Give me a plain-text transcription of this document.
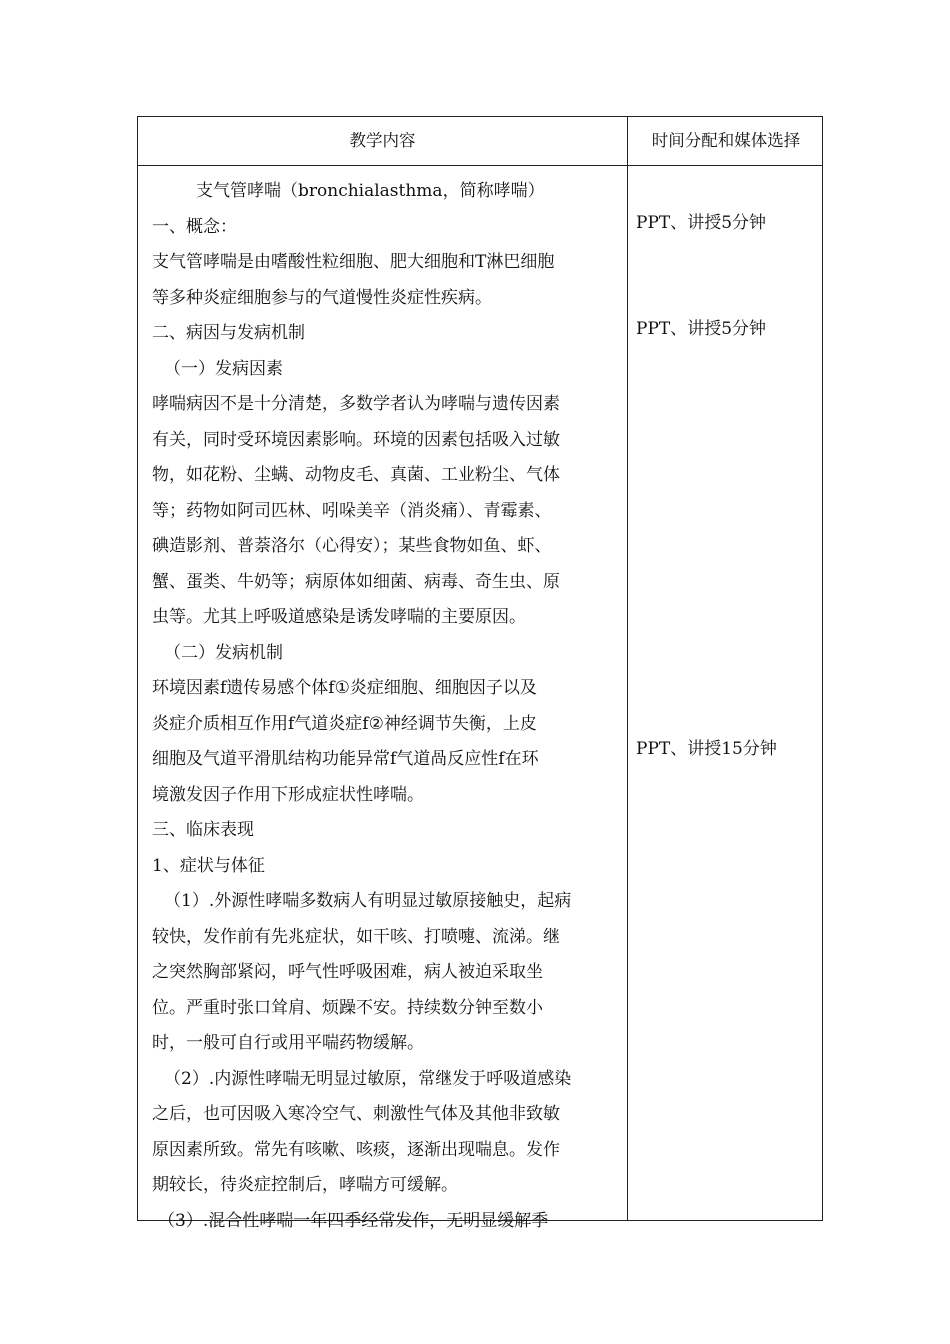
教学内容	时间分配和媒体选择
支气管哮喘（bronchialasthma，简称哮喘）
一、概念：
支气管哮喘是由嗜酸性粒细胞、肥大细胞和T淋巴细胞
等多种炎症细胞参与的气道慢性炎症性疾病。
二、病因与发病机制
（一）发病因素
哮喘病因不是十分清楚，多数学者认为哮喘与遗传因素
有关，同时受环境因素影响。环境的因素包括吸入过敏
物，如花粉、尘螨、动物皮毛、真菌、工业粉尘、气体
等；药物如阿司匹林、吲哚美辛（消炎痛）、青霉素、
碘造影剂、普萘洛尔（心得安）；某些食物如鱼、虾、
蟹、蛋类、牛奶等；病原体如细菌、病毒、奇生虫、原
虫等。尤其上呼吸道感染是诱发哮喘的主要原因。
（二）发病机制
环境因素f遗传易感个体f①炎症细胞、细胞因子以及
炎症介质相互作用f气道炎症f②神经调节失衡，上皮
细胞及气道平滑肌结构功能异常f气道咼反应性f在环
境激发因子作用下形成症状性哮喘。
三、临床表现
1、症状与体征
（1）.外源性哮喘多数病人有明显过敏原接触史，起病
较快，发作前有先兆症状，如干咳、打喷嚏、流涕。继
之突然胸部紧闷，呼气性呼吸困难，病人被迫采取坐
位。严重时张口耸肩、烦躁不安。持续数分钟至数小
时，一般可自行或用平喘药物缓解。
（2）.内源性哮喘无明显过敏原，常继发于呼吸道感染
之后，也可因吸入寒冷空气、刺激性气体及其他非致敏
原因素所致。常先有咳嗽、咳痰，逐渐出现喘息。发作
期较长，待炎症控制后，哮喘方可缓解。
（3）.混合性哮喘一年四季经常发作，无明显缓解季
PPT、讲授5分钟
PPT、讲授5分钟
PPT、讲授15分钟
